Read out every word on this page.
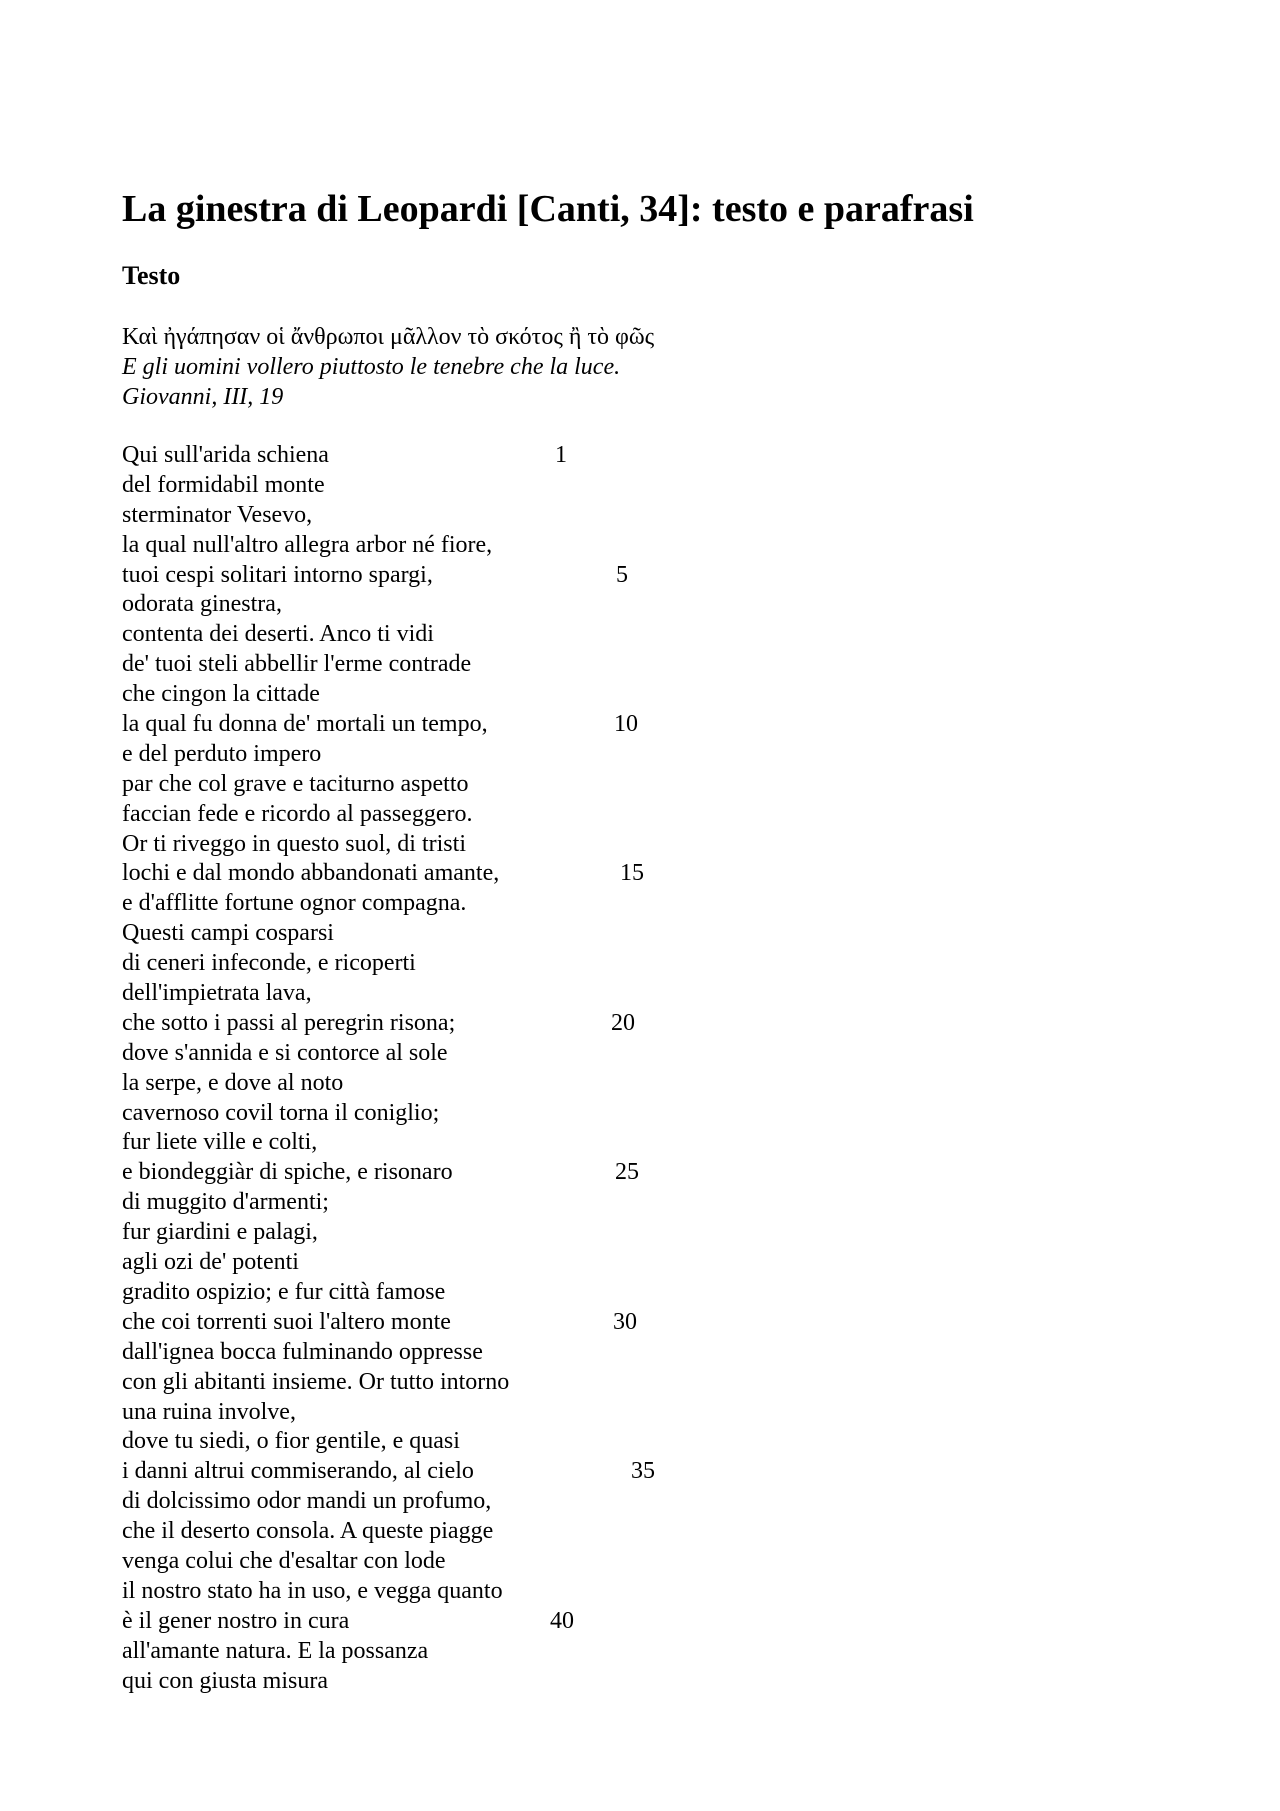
La ginestra di Leopardi [Canti, 34]: testo e parafrasi
Testo
Καὶ ἠγάπησαν οἱ ἄνθρωποι μᾶλλον τὸ σκότος ἢ τὸ φῶς
E gli uomini vollero piuttosto le tenebre che la luce.
Giovanni, III, 19
Qui sull'arida schiena	1
del formidabil monte
sterminator Vesevo,
la qual null'altro allegra arbor né fiore,
tuoi cespi solitari intorno spargi,	5
odorata ginestra,
contenta dei deserti. Anco ti vidi
de' tuoi steli abbellir l'erme contrade
che cingon la cittade
la qual fu donna de' mortali un tempo,	10
e del perduto impero
par che col grave e taciturno aspetto
faccian fede e ricordo al passeggero.
Or ti riveggo in questo suol, di tristi
lochi e dal mondo abbandonati amante,	15
e d'afflitte fortune ognor compagna.
Questi campi cosparsi
di ceneri infeconde, e ricoperti
dell'impietrata lava,
che sotto i passi al peregrin risona;	20
dove s'annida e si contorce al sole
la serpe, e dove al noto
cavernoso covil torna il coniglio;
fur liete ville e colti,
e biondeggiàr di spiche, e risonaro	25
di muggito d'armenti;
fur giardini e palagi,
agli ozi de' potenti
gradito ospizio; e fur città famose
che coi torrenti suoi l'altero monte	30
dall'ignea bocca fulminando oppresse
con gli abitanti insieme. Or tutto intorno
una ruina involve,
dove tu siedi, o fior gentile, e quasi
i danni altrui commiserando, al cielo	35
di dolcissimo odor mandi un profumo,
che il deserto consola. A queste piagge
venga colui che d'esaltar con lode
il nostro stato ha in uso, e vegga quanto
è il gener nostro in cura	40
all'amante natura. E la possanza
qui con giusta misura
